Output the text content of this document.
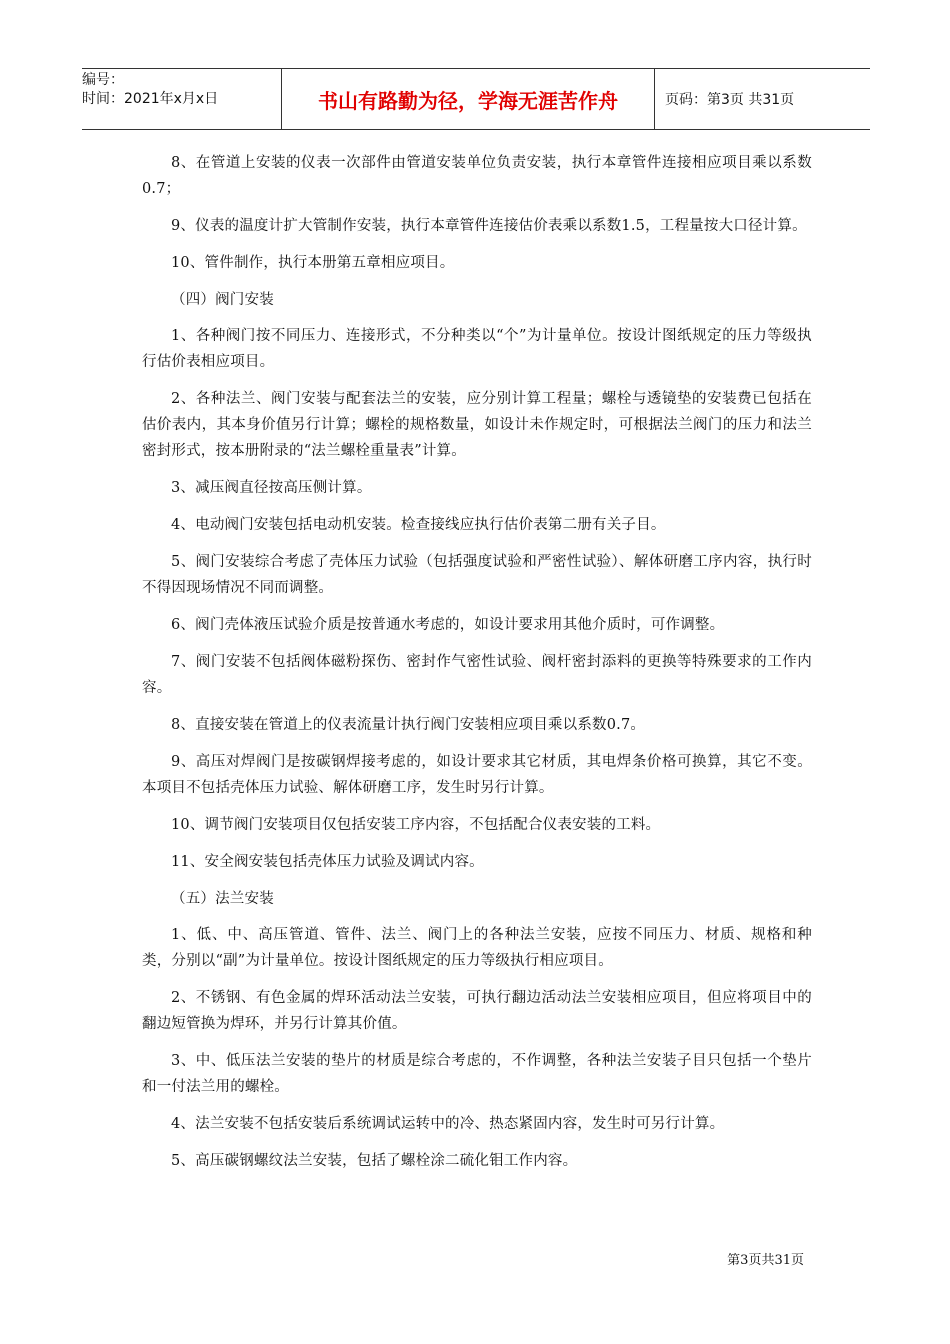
编号：
时间：2021年x月x日	书山有路勤为径，学海无涯苦作舟	页码：第3页 共31页

8、在管道上安装的仪表一次部件由管道安装单位负责安装，执行本章管件连接相应项目乘以系数0.7；

9、仪表的温度计扩大管制作安装，执行本章管件连接估价表乘以系数1.5，工程量按大口径计算。

10、管件制作，执行本册第五章相应项目。

（四）阀门安装

1、各种阀门按不同压力、连接形式，不分种类以“个”为计量单位。按设计图纸规定的压力等级执行估价表相应项目。

2、各种法兰、阀门安装与配套法兰的安装，应分别计算工程量；螺栓与透镜垫的安装费已包括在估价表内，其本身价值另行计算；螺栓的规格数量，如设计未作规定时，可根据法兰阀门的压力和法兰密封形式，按本册附录的“法兰螺栓重量表”计算。

3、减压阀直径按高压侧计算。

4、电动阀门安装包括电动机安装。检查接线应执行估价表第二册有关子目。

5、阀门安装综合考虑了壳体压力试验（包括强度试验和严密性试验）、解体研磨工序内容，执行时不得因现场情况不同而调整。

6、阀门壳体液压试验介质是按普通水考虑的，如设计要求用其他介质时，可作调整。

7、阀门安装不包括阀体磁粉探伤、密封作气密性试验、阀杆密封添料的更换等特殊要求的工作内容。

8、直接安装在管道上的仪表流量计执行阀门安装相应项目乘以系数0.7。

9、高压对焊阀门是按碳钢焊接考虑的，如设计要求其它材质，其电焊条价格可换算，其它不变。本项目不包括壳体压力试验、解体研磨工序，发生时另行计算。

10、调节阀门安装项目仅包括安装工序内容，不包括配合仪表安装的工料。

11、安全阀安装包括壳体压力试验及调试内容。

（五）法兰安装

1、低、中、高压管道、管件、法兰、阀门上的各种法兰安装，应按不同压力、材质、规格和种类，分别以“副”为计量单位。按设计图纸规定的压力等级执行相应项目。

2、不锈钢、有色金属的焊环活动法兰安装，可执行翻边活动法兰安装相应项目，但应将项目中的翻边短管换为焊环，并另行计算其价值。

3、中、低压法兰安装的垫片的材质是综合考虑的，不作调整，各种法兰安装子目只包括一个垫片和一付法兰用的螺栓。

4、法兰安装不包括安装后系统调试运转中的冷、热态紧固内容，发生时可另行计算。

5、高压碳钢螺纹法兰安装，包括了螺栓涂二硫化钼工作内容。

第3页共31页
